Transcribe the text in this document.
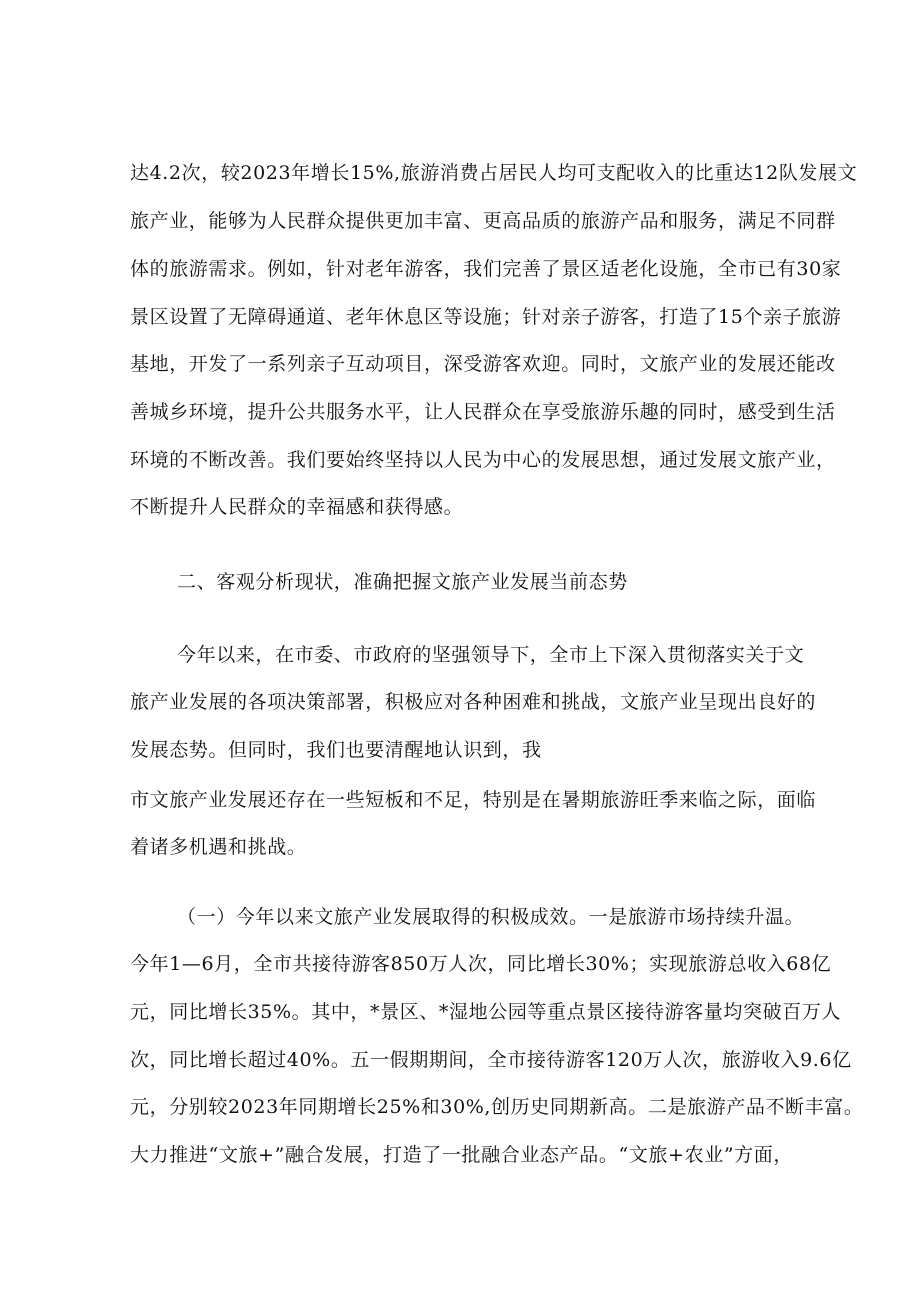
达4.2次，较2023年增长15%,旅游消费占居民人均可支配收入的比重达12队发展文
旅产业，能够为人民群众提供更加丰富、更高品质的旅游产品和服务，满足不同群
体的旅游需求。例如，针对老年游客，我们完善了景区适老化设施，全市已有30家
景区设置了无障碍通道、老年休息区等设施；针对亲子游客，打造了15个亲子旅游
基地，开发了一系列亲子互动项目，深受游客欢迎。同时，文旅产业的发展还能改
善城乡环境，提升公共服务水平，让人民群众在享受旅游乐趣的同时，感受到生活
环境的不断改善。我们要始终坚持以人民为中心的发展思想，通过发展文旅产业，
不断提升人民群众的幸福感和获得感。
二、客观分析现状，准确把握文旅产业发展当前态势
今年以来，在市委、市政府的坚强领导下，全市上下深入贯彻落实关于文
旅产业发展的各项决策部署，积极应对各种困难和挑战，文旅产业呈现出良好的
发展态势。但同时，我们也要清醒地认识到，我
市文旅产业发展还存在一些短板和不足，特别是在暑期旅游旺季来临之际，面临
着诸多机遇和挑战。
（一）今年以来文旅产业发展取得的积极成效。一是旅游市场持续升温。
今年1—6月，全市共接待游客850万人次，同比增长30%；实现旅游总收入68亿
元，同比增长35%。其中，*景区、*湿地公园等重点景区接待游客量均突破百万人
次，同比增长超过40%。五一假期期间，全市接待游客120万人次，旅游收入9.6亿
元，分别较2023年同期增长25%和30%,创历史同期新高。二是旅游产品不断丰富。
大力推进“文旅+”融合发展，打造了一批融合业态产品。“文旅+农业”方面，
